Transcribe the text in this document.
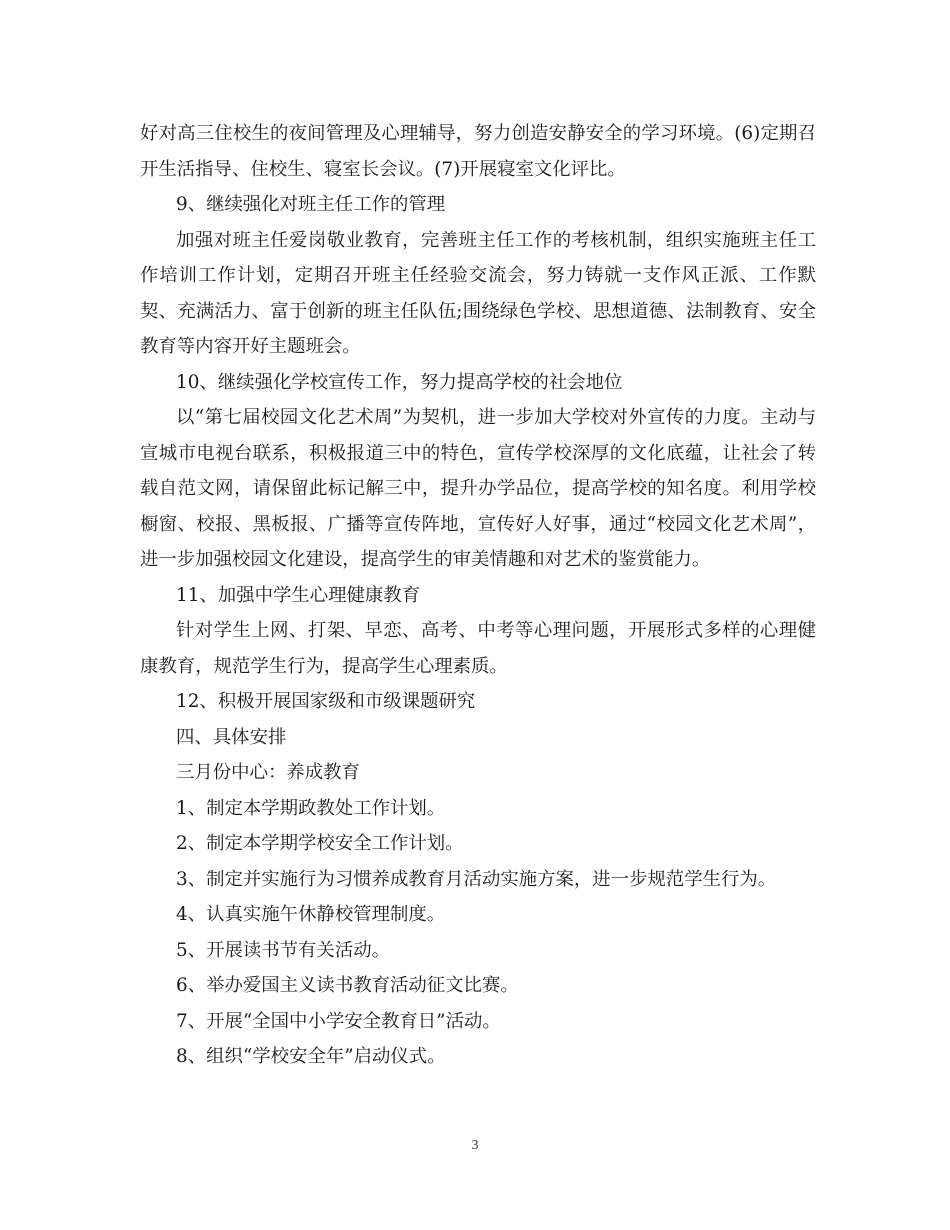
好对高三住校生的夜间管理及心理辅导，努力创造安静安全的学习环境。(6)定期召开生活指导、住校生、寝室长会议。(7)开展寝室文化评比。

9、继续强化对班主任工作的管理

加强对班主任爱岗敬业教育，完善班主任工作的考核机制，组织实施班主任工作培训工作计划，定期召开班主任经验交流会，努力铸就一支作风正派、工作默契、充满活力、富于创新的班主任队伍;围绕绿色学校、思想道德、法制教育、安全教育等内容开好主题班会。

10、继续强化学校宣传工作，努力提高学校的社会地位

以“第七届校园文化艺术周”为契机，进一步加大学校对外宣传的力度。主动与宣城市电视台联系，积极报道三中的特色，宣传学校深厚的文化底蕴，让社会了转载自范文网，请保留此标记解三中，提升办学品位，提高学校的知名度。利用学校橱窗、校报、黑板报、广播等宣传阵地，宣传好人好事，通过“校园文化艺术周”，进一步加强校园文化建设，提高学生的审美情趣和对艺术的鉴赏能力。

11、加强中学生心理健康教育

针对学生上网、打架、早恋、高考、中考等心理问题，开展形式多样的心理健康教育，规范学生行为，提高学生心理素质。

12、积极开展国家级和市级课题研究

四、具体安排

三月份中心：养成教育

1、制定本学期政教处工作计划。

2、制定本学期学校安全工作计划。

3、制定并实施行为习惯养成教育月活动实施方案，进一步规范学生行为。

4、认真实施午休静校管理制度。

5、开展读书节有关活动。

6、举办爱国主义读书教育活动征文比赛。

7、开展“全国中小学安全教育日”活动。

8、组织“学校安全年”启动仪式。

3
